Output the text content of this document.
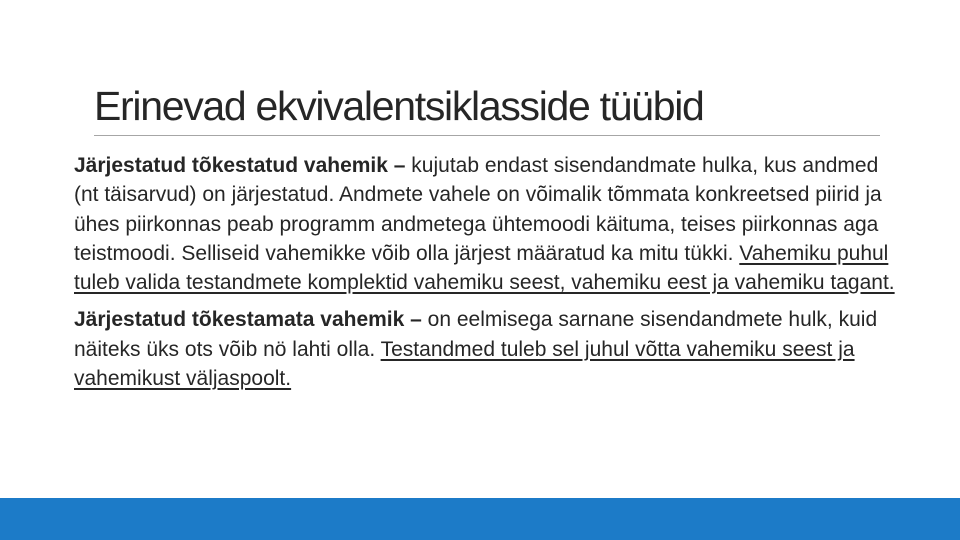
Erinevad ekvivalentsiklasside tüübid

Järjestatud tõkestatud vahemik – kujutab endast sisendandmate hulka, kus andmed (nt täisarvud) on järjestatud. Andmete vahele on võimalik tõmmata konkreetsed piirid ja ühes piirkonnas peab programm andmetega ühtemoodi käituma, teises piirkonnas aga teistmoodi. Selliseid vahemikke võib olla järjest määratud ka mitu tükki. Vahemiku puhul tuleb valida testandmete komplektid vahemiku seest, vahemiku eest ja vahemiku tagant.

Järjestatud tõkestamata vahemik – on eelmisega sarnane sisendandmete hulk, kuid näiteks üks ots võib nö lahti olla. Testandmed tuleb sel juhul võtta vahemiku seest ja vahemikust väljaspoolt.
